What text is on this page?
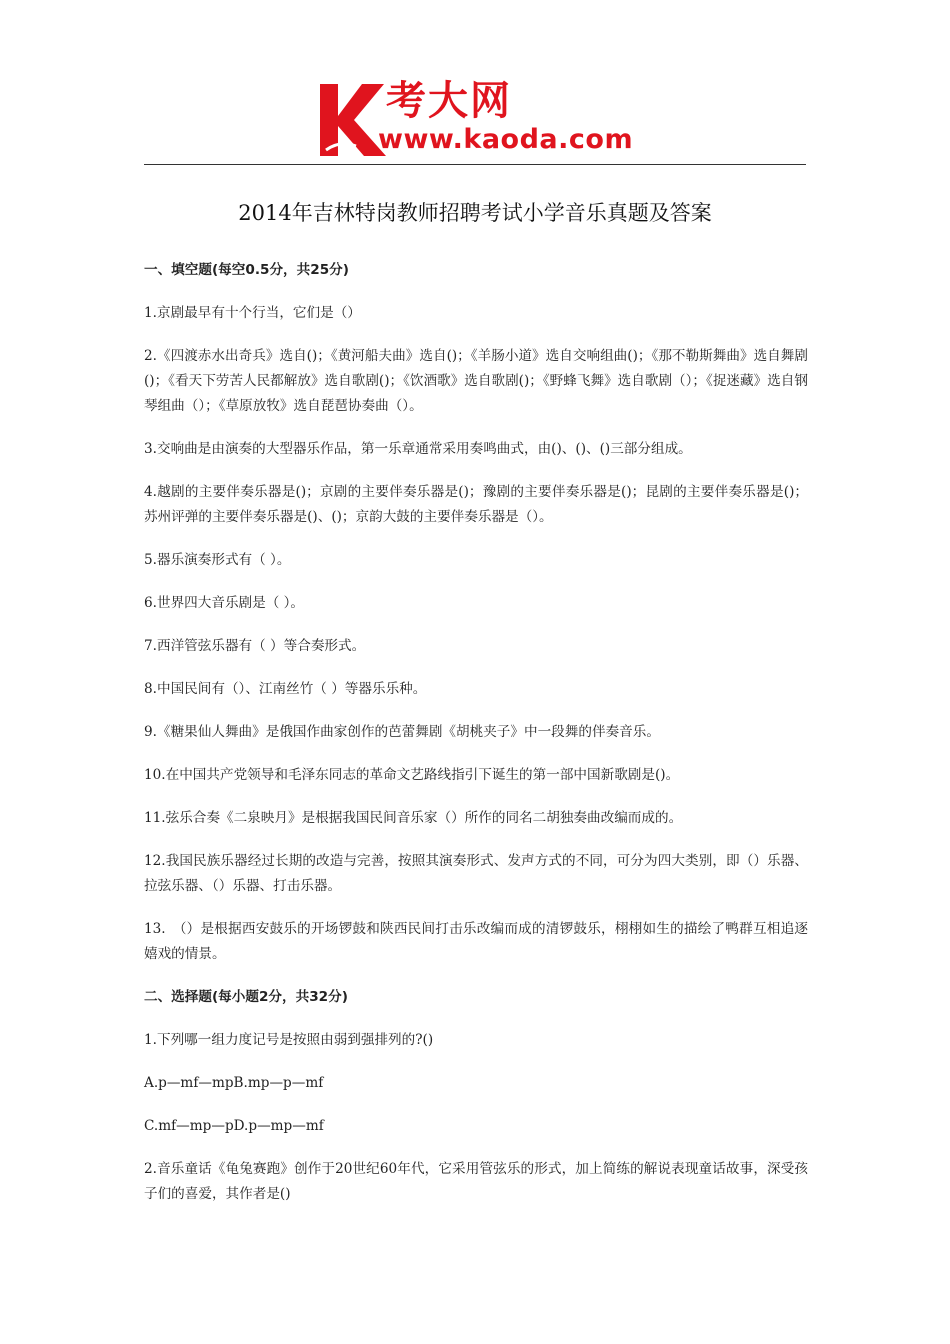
考大网
www.kaoda.com
2014年吉林特岗教师招聘考试小学音乐真题及答案
一、填空题(每空0.5分，共25分)

1.京剧最早有十个行当，它们是（）

2.《四渡赤水出奇兵》选自()；《黄河船夫曲》选自()；《羊肠小道》选自交响组曲()；《那不勒斯舞曲》选自舞剧()；《看天下劳苦人民都解放》选自歌剧()；《饮酒歌》选自歌剧()；《野蜂飞舞》选自歌剧（）；《捉迷藏》选自钢琴组曲（）；《草原放牧》选自琵琶协奏曲（）。

3.交响曲是由演奏的大型器乐作品，第一乐章通常采用奏鸣曲式，由()、()、()三部分组成。

4.越剧的主要伴奏乐器是()；京剧的主要伴奏乐器是()；豫剧的主要伴奏乐器是()；昆剧的主要伴奏乐器是()；苏州评弹的主要伴奏乐器是()、()；京韵大鼓的主要伴奏乐器是（）。

5.器乐演奏形式有（ ）。

6.世界四大音乐剧是（ ）。

7.西洋管弦乐器有（ ）等合奏形式。

8.中国民间有（）、江南丝竹（ ）等器乐乐种。

9.《糖果仙人舞曲》是俄国作曲家创作的芭蕾舞剧《胡桃夹子》中一段舞的伴奏音乐。

10.在中国共产党领导和毛泽东同志的革命文艺路线指引下诞生的第一部中国新歌剧是()。

11.弦乐合奏《二泉映月》是根据我国民间音乐家（）所作的同名二胡独奏曲改编而成的。

12.我国民族乐器经过长期的改造与完善，按照其演奏形式、发声方式的不同，可分为四大类别，即（）乐器、拉弦乐器、（）乐器、打击乐器。

13.　（）是根据西安鼓乐的开场锣鼓和陕西民间打击乐改编而成的清锣鼓乐，栩栩如生的描绘了鸭群互相追逐嬉戏的情景。

二、选择题(每小题2分，共32分)

1.下列哪一组力度记号是按照由弱到强排列的?()

A.p—mf—mpB.mp—p—mf

C.mf—mp—pD.p—mp—mf

2.音乐童话《龟兔赛跑》创作于20世纪60年代，它采用管弦乐的形式，加上简练的解说表现童话故事，深受孩子们的喜爱，其作者是()
